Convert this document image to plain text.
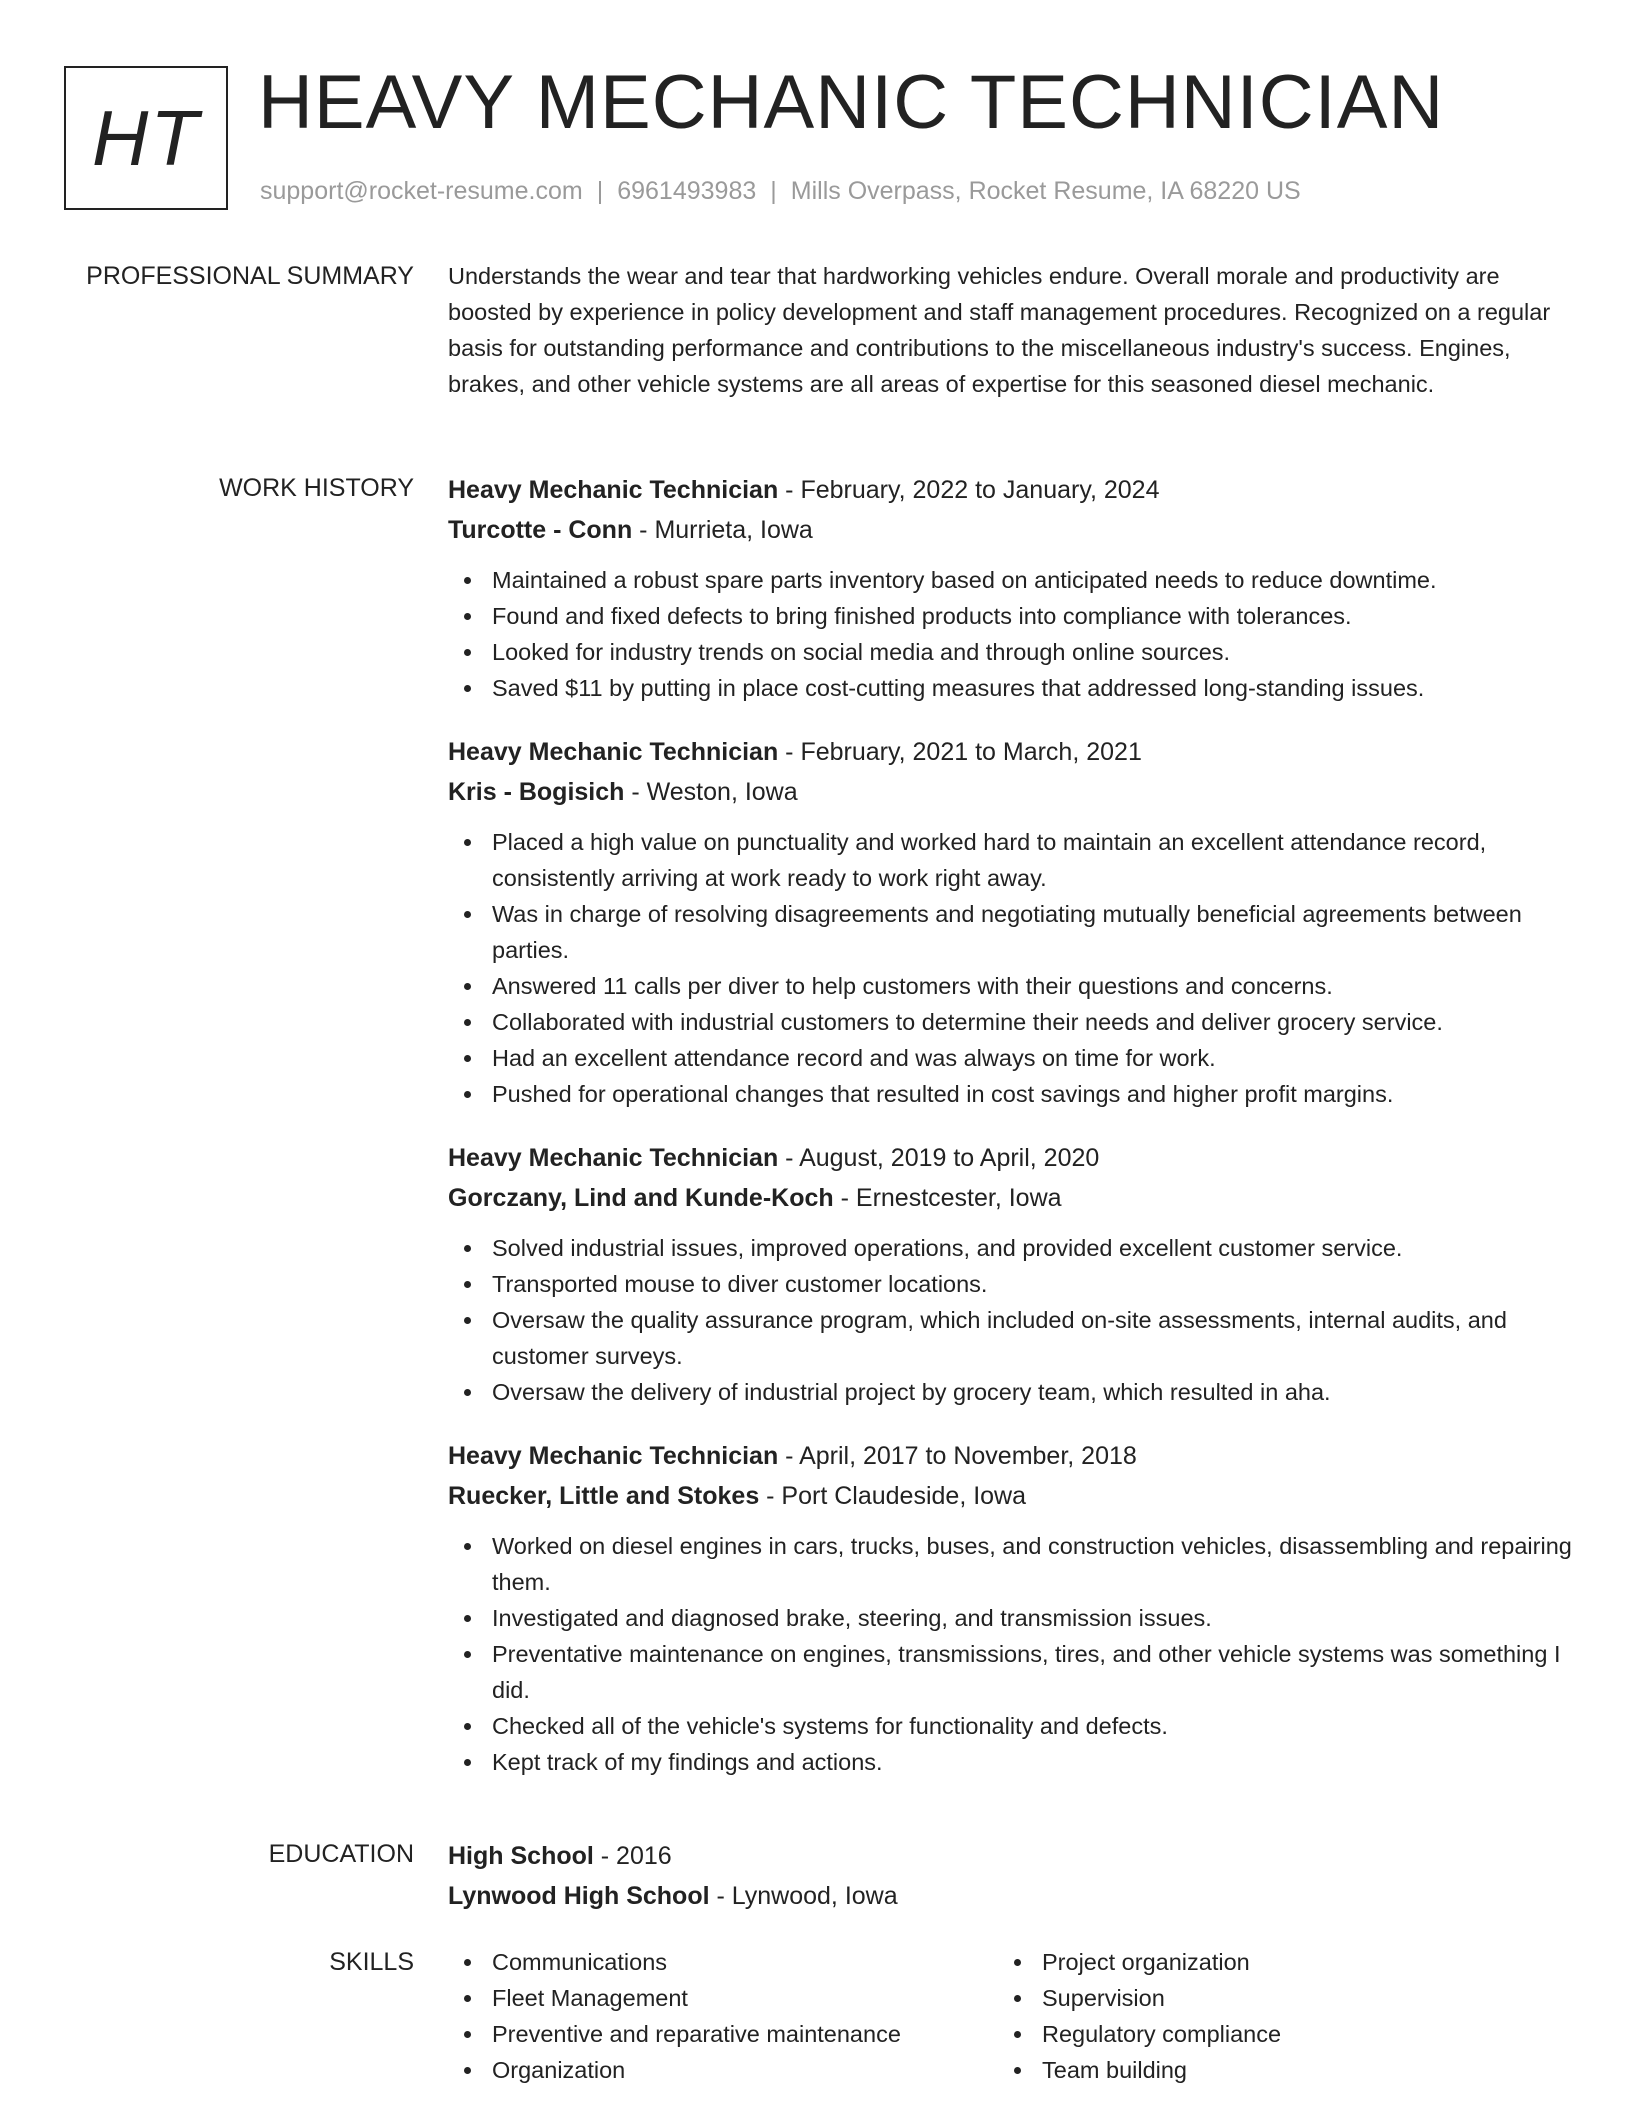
HT HEAVY MECHANIC TECHNICIAN
support@rocket-resume.com | 6961493983 | Mills Overpass, Rocket Resume, IA 68220 US
PROFESSIONAL SUMMARY Understands the wear and tear that hardworking vehicles endure. Overall morale and productivity are boosted by experience in policy development and staff management procedures. Recognized on a regular basis for outstanding performance and contributions to the miscellaneous industry's success. Engines, brakes, and other vehicle systems are all areas of expertise for this seasoned diesel mechanic.

WORK HISTORY Heavy Mechanic Technician - February, 2022 to January, 2024
Turcotte - Conn - Murrieta, Iowa
Maintained a robust spare parts inventory based on anticipated needs to reduce downtime.
Found and fixed defects to bring finished products into compliance with tolerances.
Looked for industry trends on social media and through online sources.
Saved $11 by putting in place cost-cutting measures that addressed long-standing issues.
Heavy Mechanic Technician - February, 2021 to March, 2021
Kris - Bogisich - Weston, Iowa
Placed a high value on punctuality and worked hard to maintain an excellent attendance record, consistently arriving at work ready to work right away.
Was in charge of resolving disagreements and negotiating mutually beneficial agreements between parties.
Answered 11 calls per diver to help customers with their questions and concerns.
Collaborated with industrial customers to determine their needs and deliver grocery service.
Had an excellent attendance record and was always on time for work.
Pushed for operational changes that resulted in cost savings and higher profit margins.
Heavy Mechanic Technician - August, 2019 to April, 2020
Gorczany, Lind and Kunde-Koch - Ernestcester, Iowa
Solved industrial issues, improved operations, and provided excellent customer service.
Transported mouse to diver customer locations.
Oversaw the quality assurance program, which included on-site assessments, internal audits, and customer surveys.
Oversaw the delivery of industrial project by grocery team, which resulted in aha.
Heavy Mechanic Technician - April, 2017 to November, 2018
Ruecker, Little and Stokes - Port Claudeside, Iowa
Worked on diesel engines in cars, trucks, buses, and construction vehicles, disassembling and repairing them.
Investigated and diagnosed brake, steering, and transmission issues.
Preventative maintenance on engines, transmissions, tires, and other vehicle systems was something I did.
Checked all of the vehicle's systems for functionality and defects.
Kept track of my findings and actions.
EDUCATION High School - 2016
Lynwood High School - Lynwood, Iowa
SKILLS	Communications
Fleet Management
Preventive and reparative maintenance
Organization
Project organization
Supervision
Regulatory compliance
Team building
